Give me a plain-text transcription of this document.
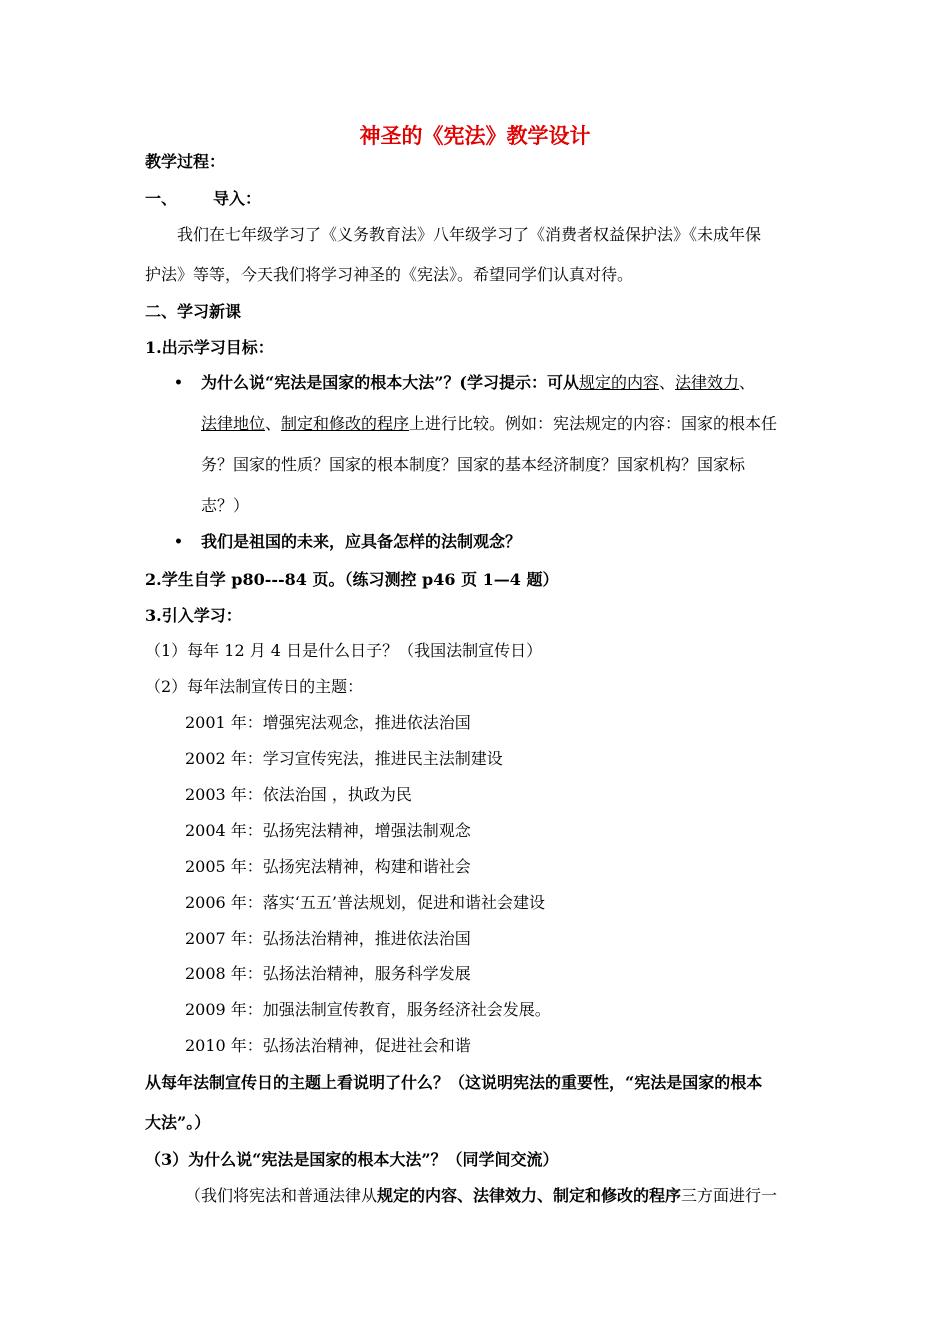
神圣的《宪法》教学设计
教学过程：
一、 导入：
我们在七年级学习了《义务教育法》八年级学习了《消费者权益保护法》《未成年保
护法》等等，今天我们将学习神圣的《宪法》。希望同学们认真对待。
二、学习新课
1.出示学习目标：
• 为什么说“宪法是国家的根本大法”？(学习提示：可从规定的内容、法律效力、
法律地位、制定和修改的程序上进行比较。例如：宪法规定的内容：国家的根本任
务？国家的性质？国家的根本制度？国家的基本经济制度？国家机构？国家标
志？）
• 我们是祖国的未来，应具备怎样的法制观念？
2.学生自学 p80---84 页。（练习测控 p46 页 1—4 题）
3.引入学习：
（1）每年 12 月 4 日是什么日子？（我国法制宣传日）
（2）每年法制宣传日的主题：
2001 年：增强宪法观念，推进依法治国
2002 年：学习宣传宪法，推进民主法制建设
2003 年：依法治国 ，执政为民
2004 年：弘扬宪法精神，增强法制观念
2005 年：弘扬宪法精神，构建和谐社会
2006 年：落实‘五五’普法规划，促进和谐社会建设
2007 年：弘扬法治精神，推进依法治国
2008 年：弘扬法治精神，服务科学发展
2009 年：加强法制宣传教育，服务经济社会发展。
2010 年：弘扬法治精神，促进社会和谐
从每年法制宣传日的主题上看说明了什么？（这说明宪法的重要性，“宪法是国家的根本
大法”。）
（3）为什么说“宪法是国家的根本大法”？（同学间交流）
（我们将宪法和普通法律从规定的内容、法律效力、制定和修改的程序三方面进行一
